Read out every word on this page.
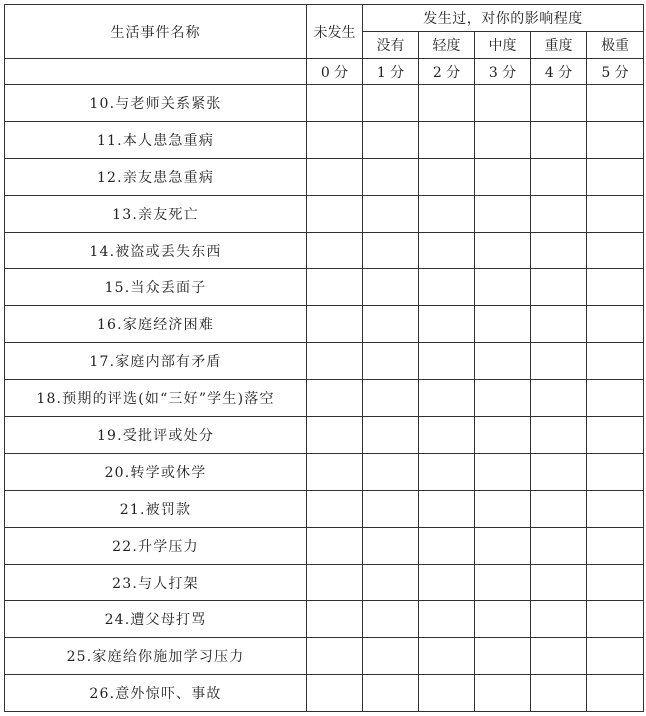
生活事件名称	未发生	发生过，对你的影响程度				
		没有	轻度	中度	重度	极重
	0 分	1 分	2 分	3 分	4 分	5 分
10.与老师关系紧张						
11.本人患急重病						
12.亲友患急重病						
13.亲友死亡						
14.被盗或丢失东西						
15.当众丢面子						
16.家庭经济困难						
17.家庭内部有矛盾						
18.预期的评选(如“三好”学生)落空						
19.受批评或处分						
20.转学或休学						
21.被罚款						
22.升学压力						
23.与人打架						
24.遭父母打骂						
25.家庭给你施加学习压力						
26.意外惊吓、事故						
